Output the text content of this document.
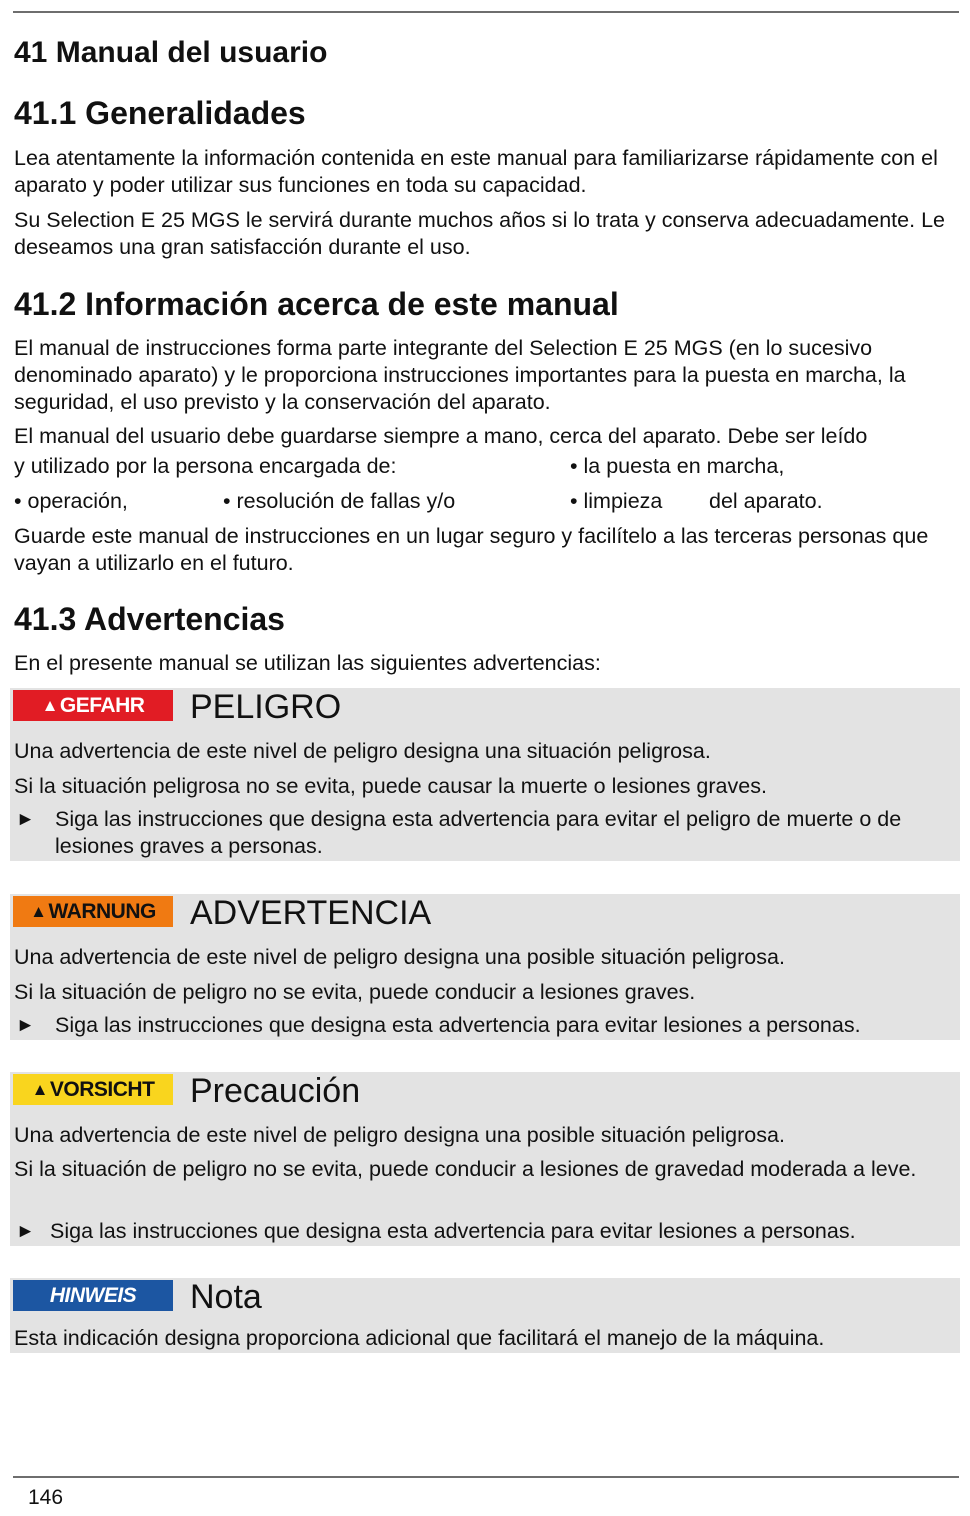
41 Manual del usuario
41.1 Generalidades

Lea atentamente la información contenida en este manual para familiarizarse rápidamente con el aparato y poder utilizar sus funciones en toda su capacidad.

Su Selection E 25 MGS le servirá durante muchos años si lo trata y conserva adecuadamente. Le deseamos una gran satisfacción durante el uso.

41.2 Información acerca de este manual

El manual de instrucciones forma parte integrante del Selection E 25 MGS (en lo sucesivo denominado aparato) y le proporciona instrucciones importantes para la puesta en marcha, la seguridad, el uso previsto y la conservación del aparato.

El manual del usuario debe guardarse siempre a mano, cerca del aparato. Debe ser leído
y utilizado por la persona encargada de:	• la puesta en marcha,
• operación,	• resolución de fallas y/o	• limpieza del aparato.

Guarde este manual de instrucciones en un lugar seguro y facilítelo a las terceras personas que vayan a utilizarlo en el futuro.

41.3 Advertencias

En el presente manual se utilizan las siguientes advertencias:

▲ GEFAHR PELIGRO

Una advertencia de este nivel de peligro designa una situación peligrosa.

Si la situación peligrosa no se evita, puede causar la muerte o lesiones graves.

► Siga las instrucciones que designa esta advertencia para evitar el peligro de muerte o de lesiones graves a personas.
▲ WARNUNG ADVERTENCIA

Una advertencia de este nivel de peligro designa una posible situación peligrosa.

Si la situación de peligro no se evita, puede conducir a lesiones graves.

► Siga las instrucciones que designa esta advertencia para evitar lesiones a personas.
▲ VORSICHT Precaución

Una advertencia de este nivel de peligro designa una posible situación peligrosa.

Si la situación de peligro no se evita, puede conducir a lesiones de gravedad moderada a leve.

► Siga las instrucciones que designa esta advertencia para evitar lesiones a personas.
HINWEIS Nota

Esta indicación designa proporciona adicional que facilitará el manejo de la máquina.

146
